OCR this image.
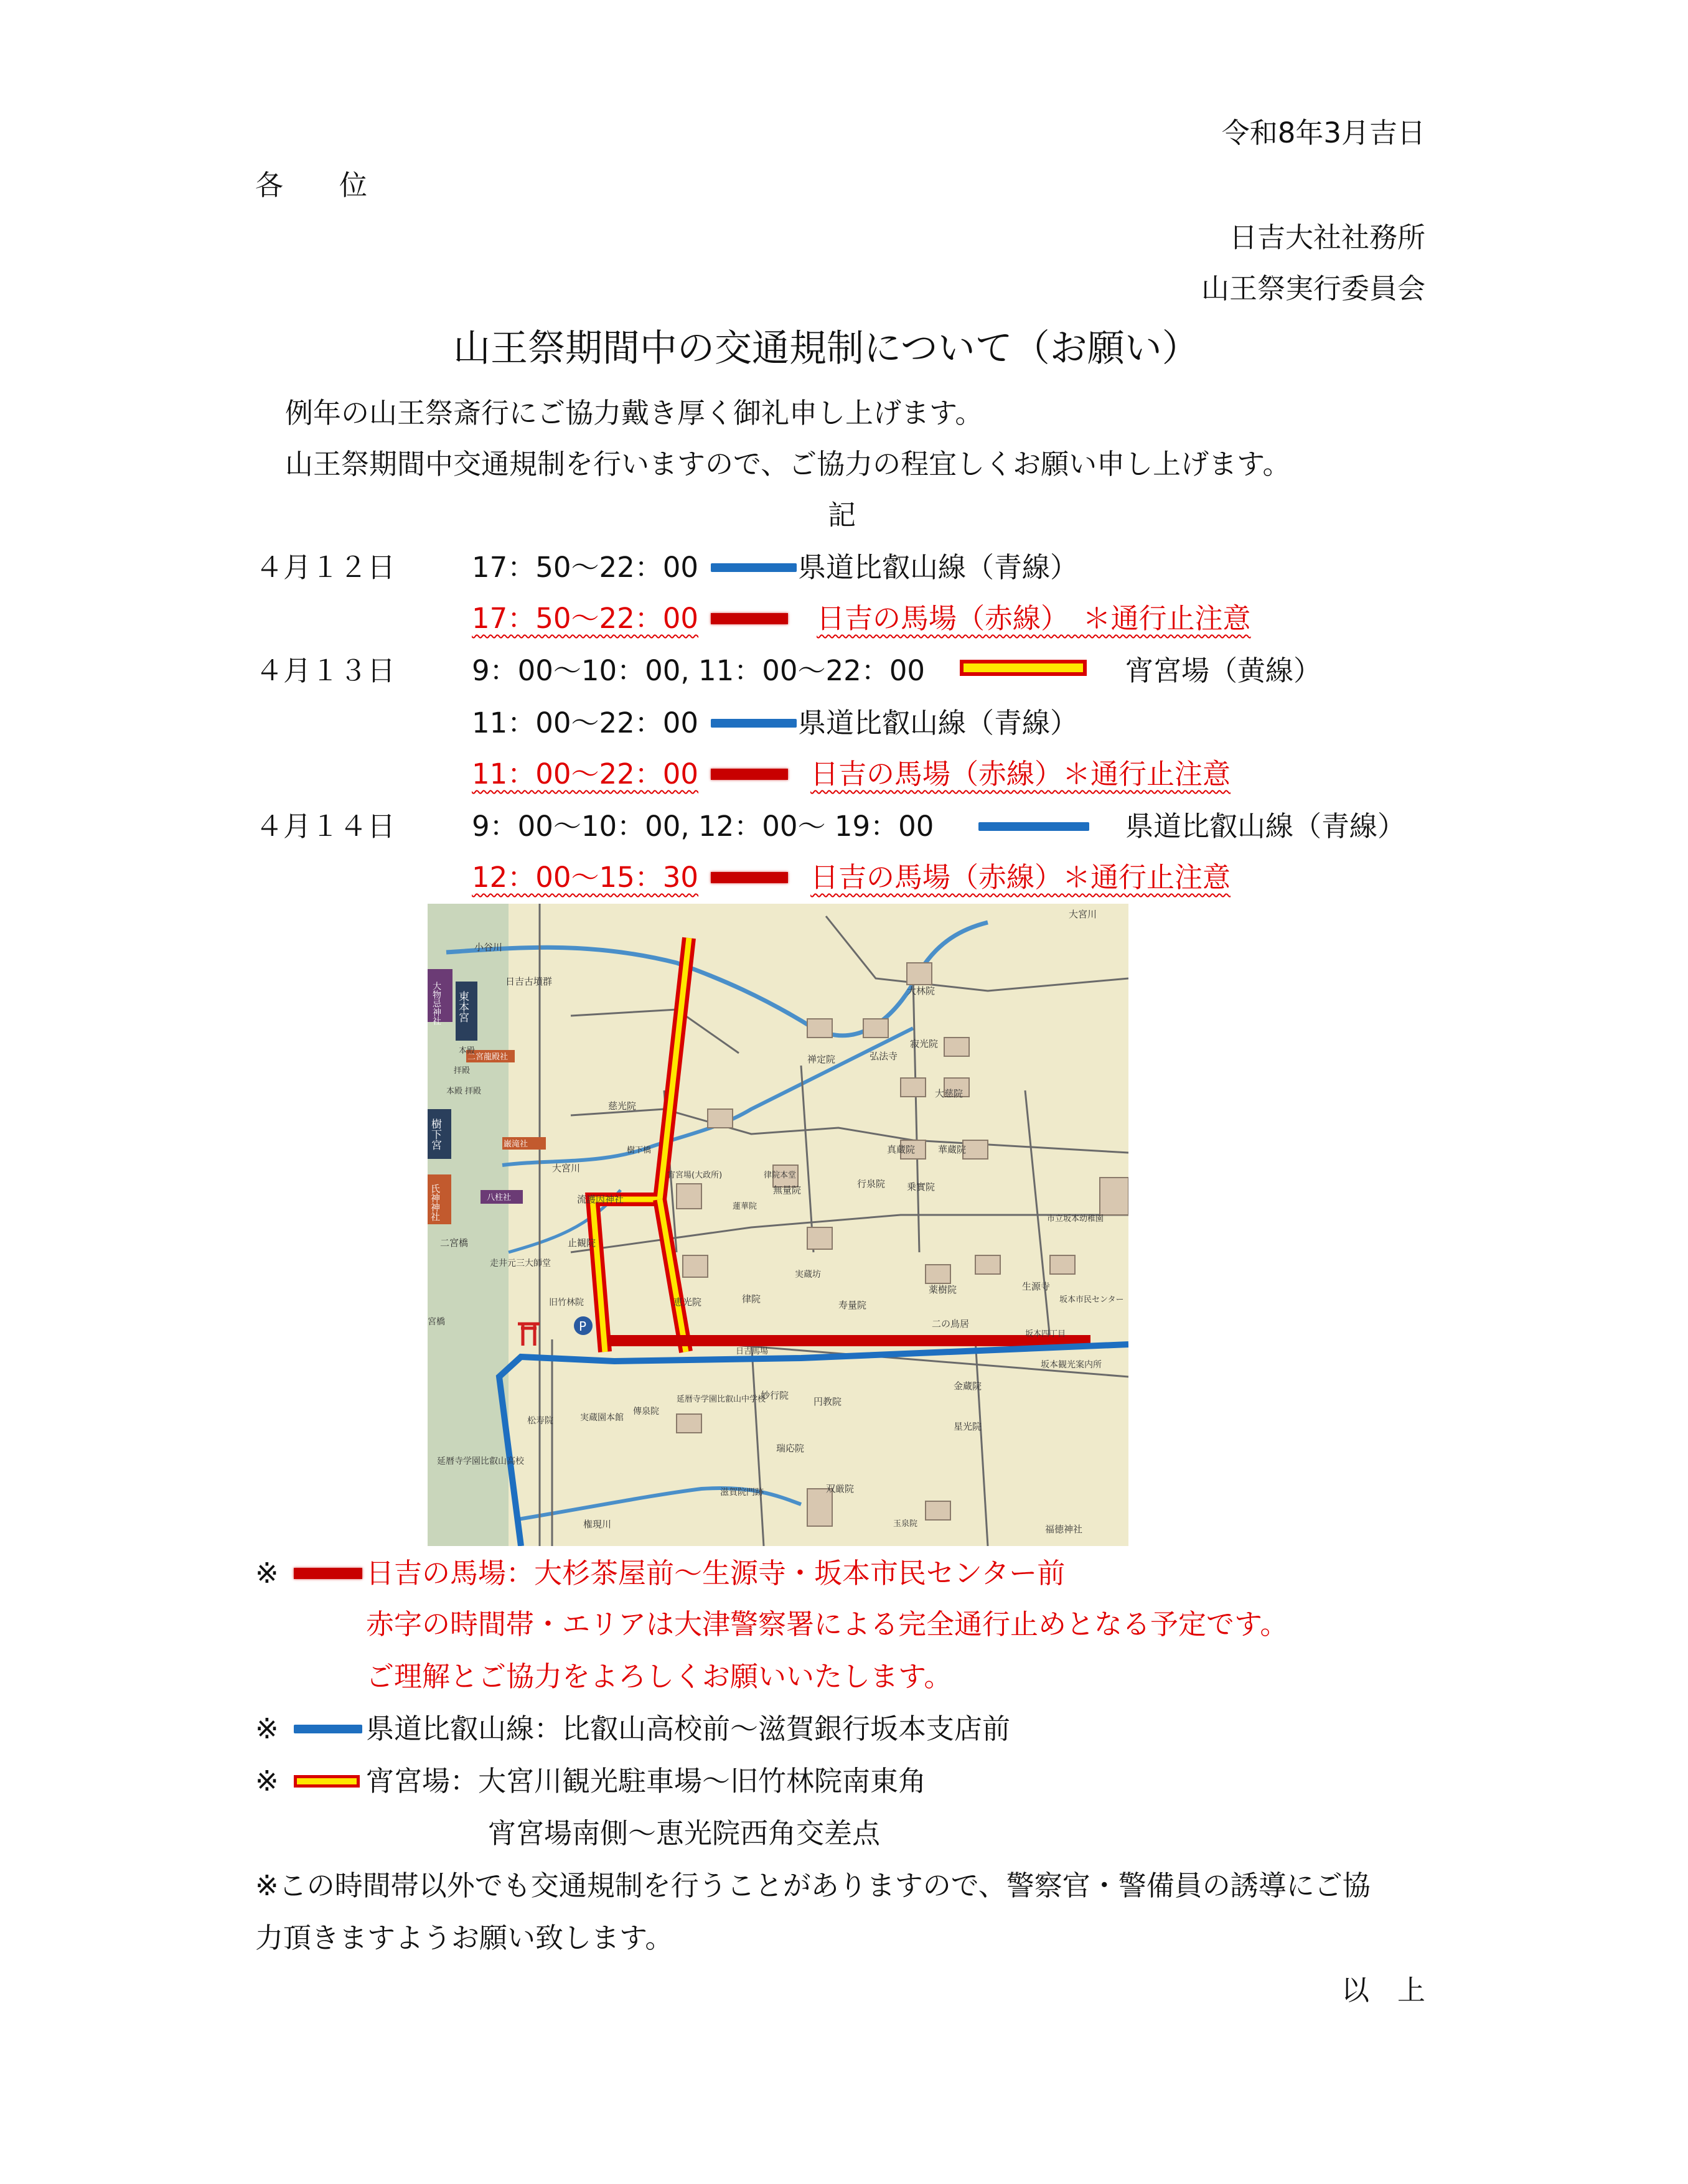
令和8年3月吉日
各　　位
日吉大社社務所
山王祭実行委員会
山王祭期間中の交通規制について（お願い）
例年の山王祭斎行にご協力戴き厚く御礼申し上げます。
山王祭期間中交通規制を行いますので、ご協力の程宜しくお願い申し上げます。
記
４月１２日	17：50～22：00	県道比叡山線（青線）
17：50～22：00	日吉の馬場（赤線）　＊通行止注意
４月１３日	9：00～10：00, 11：00～22：00	宵宮場（黄線）
11：00～22：00	県道比叡山線（青線）
11：00～22：00	日吉の馬場（赤線）＊通行止注意
４月１４日	9：00～10：00, 12：00～ 19：00	県道比叡山線（青線）
12：00～15：30	日吉の馬場（赤線）＊通行止注意
P
大宮川
小谷川
日吉古墳群
本殿
拝殿
二宮龍殿社
本殿 拝殿
巌滝社
八柱社
慈光院
樹下橋
大宮川
流護因神社
宵宮場(大政所)
蓮華院
律院本堂
無量院
行泉院 乗實院
真蔵院 華蔵院
禅定院	弘法寺
寂光院
大慈院
大林院
止観院
二宮橋
走井元三大師堂
旧竹林院	恵光院	律院
実蔵坊
寿量院
薬樹院	生源寺
坂本市民センター
市立坂本幼稚園
二の鳥居
坂本観光案内所
宮橋
松寿院	実蔵園本館
傳泉院
延暦寺学園比叡山中学校
妙行院
円教院
金蔵院
星光院
瑞応院
双厳院
延暦寺学園比叡山高校
滋賀院門跡
玉泉院	福徳神社
権現川
日吉馬場
坂本四丁目
大物忌神社 東本宮
樹下宮
氏神神社
※	日吉の馬場：大杉茶屋前～生源寺・坂本市民センター前
赤字の時間帯・エリアは大津警察署による完全通行止めとなる予定です。
ご理解とご協力をよろしくお願いいたします。
※	県道比叡山線：比叡山高校前～滋賀銀行坂本支店前
※	宵宮場：大宮川観光駐車場～旧竹林院南東角
宵宮場南側～恵光院西角交差点
※この時間帯以外でも交通規制を行うことがありますので、警察官・警備員の誘導にご協
力頂きますようお願い致します。
以　上
